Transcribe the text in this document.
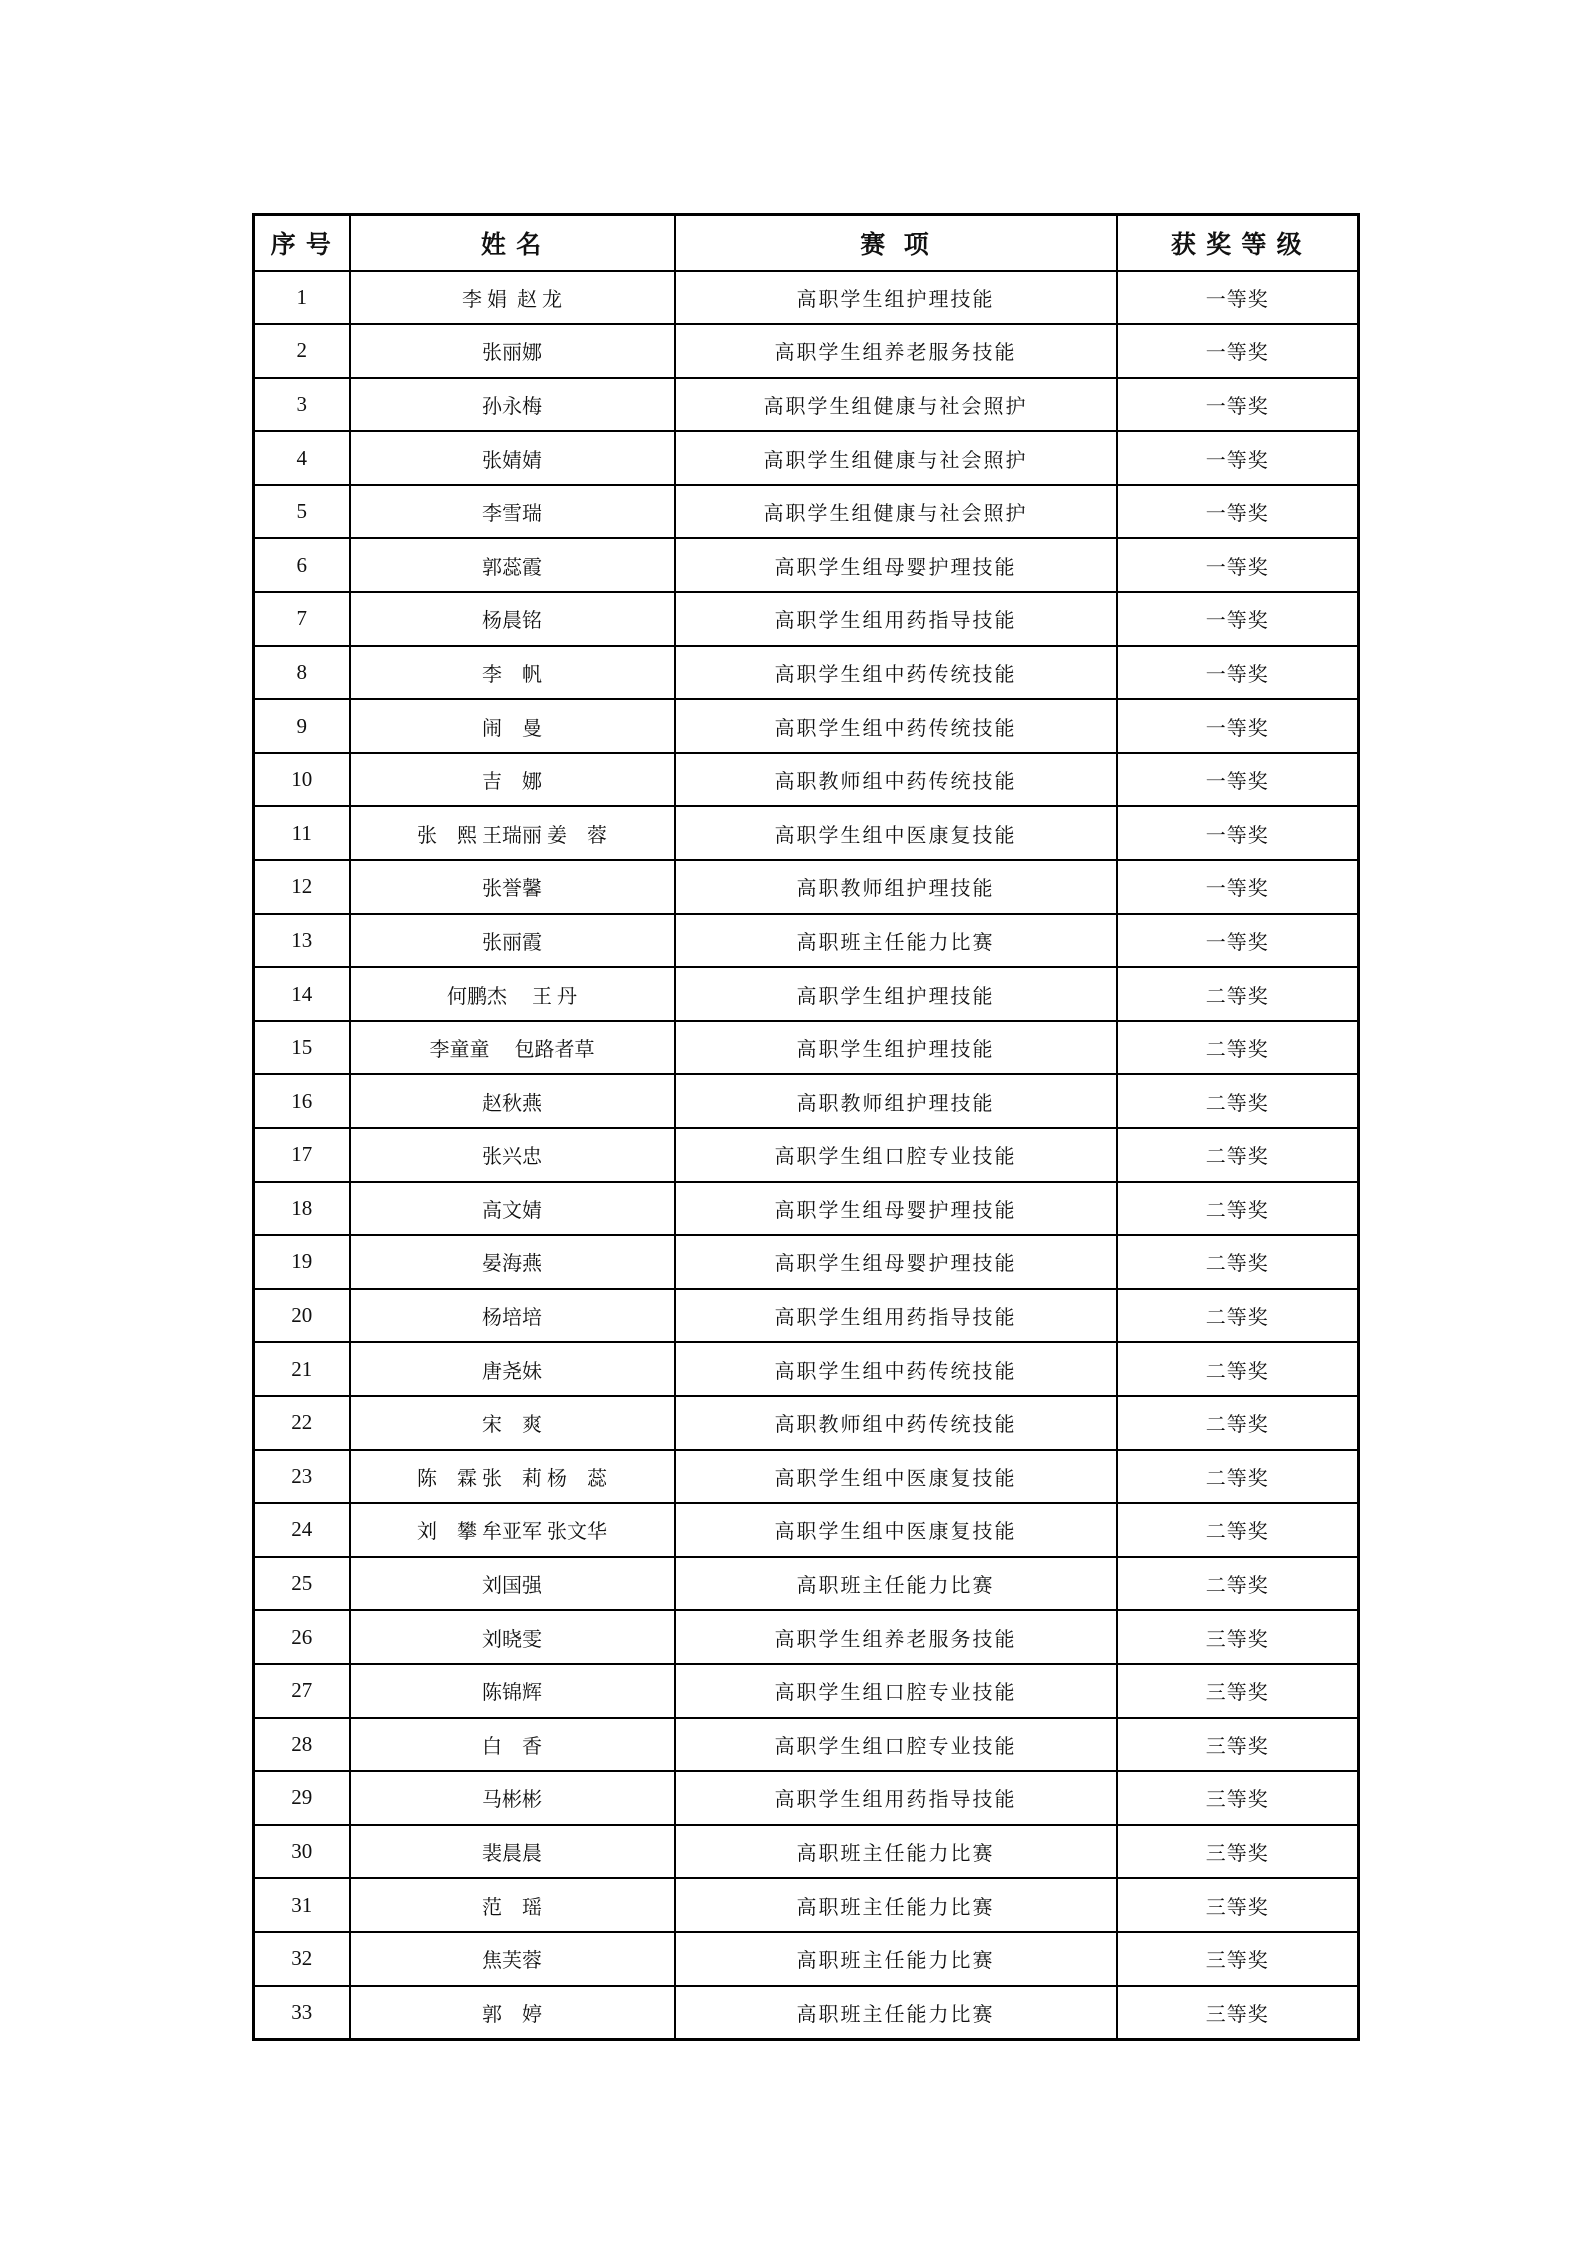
序 号	姓 名	赛  项	获 奖 等 级
1	李 娟  赵 龙	高职学生组护理技能	一等奖
2	张丽娜	高职学生组养老服务技能	一等奖
3	孙永梅	高职学生组健康与社会照护	一等奖
4	张婧婧	高职学生组健康与社会照护	一等奖
5	李雪瑞	高职学生组健康与社会照护	一等奖
6	郭蕊霞	高职学生组母婴护理技能	一等奖
7	杨晨铭	高职学生组用药指导技能	一等奖
8	李　帆	高职学生组中药传统技能	一等奖
9	闹　曼	高职学生组中药传统技能	一等奖
10	吉　娜	高职教师组中药传统技能	一等奖
11	张　熙 王瑞丽 姜　蓉	高职学生组中医康复技能	一等奖
12	张誉馨	高职教师组护理技能	一等奖
13	张丽霞	高职班主任能力比赛	一等奖
14	何鹏杰　 王 丹	高职学生组护理技能	二等奖
15	李童童　 包路者草	高职学生组护理技能	二等奖
16	赵秋燕	高职教师组护理技能	二等奖
17	张兴忠	高职学生组口腔专业技能	二等奖
18	高文婧	高职学生组母婴护理技能	二等奖
19	晏海燕	高职学生组母婴护理技能	二等奖
20	杨培培	高职学生组用药指导技能	二等奖
21	唐尧妹	高职学生组中药传统技能	二等奖
22	宋　爽	高职教师组中药传统技能	二等奖
23	陈　霖 张　莉 杨　蕊	高职学生组中医康复技能	二等奖
24	刘　攀 牟亚军 张文华	高职学生组中医康复技能	二等奖
25	刘国强	高职班主任能力比赛	二等奖
26	刘晓雯	高职学生组养老服务技能	三等奖
27	陈锦辉	高职学生组口腔专业技能	三等奖
28	白　香	高职学生组口腔专业技能	三等奖
29	马彬彬	高职学生组用药指导技能	三等奖
30	裴晨晨	高职班主任能力比赛	三等奖
31	范　瑶	高职班主任能力比赛	三等奖
32	焦芙蓉	高职班主任能力比赛	三等奖
33	郭　婷	高职班主任能力比赛	三等奖
